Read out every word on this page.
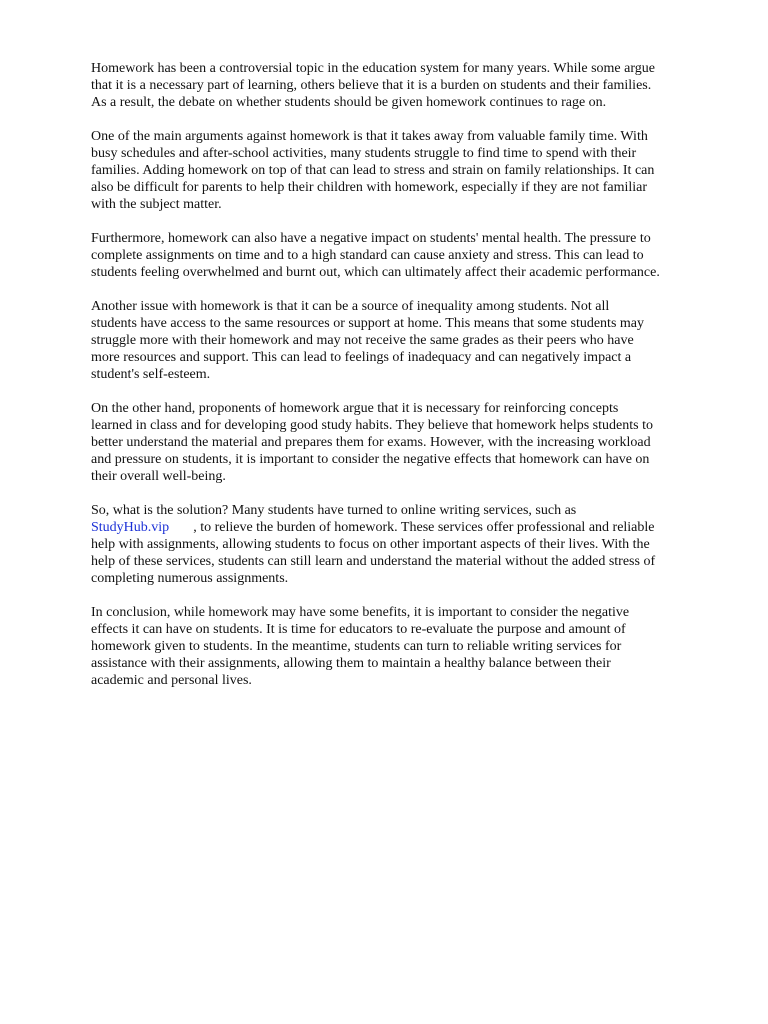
Homework has been a controversial topic in the education system for many years. While some argue
that it is a necessary part of learning, others believe that it is a burden on students and their families.
As a result, the debate on whether students should be given homework continues to rage on.

One of the main arguments against homework is that it takes away from valuable family time. With
busy schedules and after-school activities, many students struggle to find time to spend with their
families. Adding homework on top of that can lead to stress and strain on family relationships. It can
also be difficult for parents to help their children with homework, especially if they are not familiar
with the subject matter.

Furthermore, homework can also have a negative impact on students' mental health. The pressure to
complete assignments on time and to a high standard can cause anxiety and stress. This can lead to
students feeling overwhelmed and burnt out, which can ultimately affect their academic performance.

Another issue with homework is that it can be a source of inequality among students. Not all
students have access to the same resources or support at home. This means that some students may
struggle more with their homework and may not receive the same grades as their peers who have
more resources and support. This can lead to feelings of inadequacy and can negatively impact a
student's self-esteem.

On the other hand, proponents of homework argue that it is necessary for reinforcing concepts
learned in class and for developing good study habits. They believe that homework helps students to
better understand the material and prepares them for exams. However, with the increasing workload
and pressure on students, it is important to consider the negative effects that homework can have on
their overall well-being.

So, what is the solution? Many students have turned to online writing services, such as
StudyHub.vip , to relieve the burden of homework. These services offer professional and reliable
help with assignments, allowing students to focus on other important aspects of their lives. With the
help of these services, students can still learn and understand the material without the added stress of
completing numerous assignments.

In conclusion, while homework may have some benefits, it is important to consider the negative
effects it can have on students. It is time for educators to re-evaluate the purpose and amount of
homework given to students. In the meantime, students can turn to reliable writing services for
assistance with their assignments, allowing them to maintain a healthy balance between their
academic and personal lives.
